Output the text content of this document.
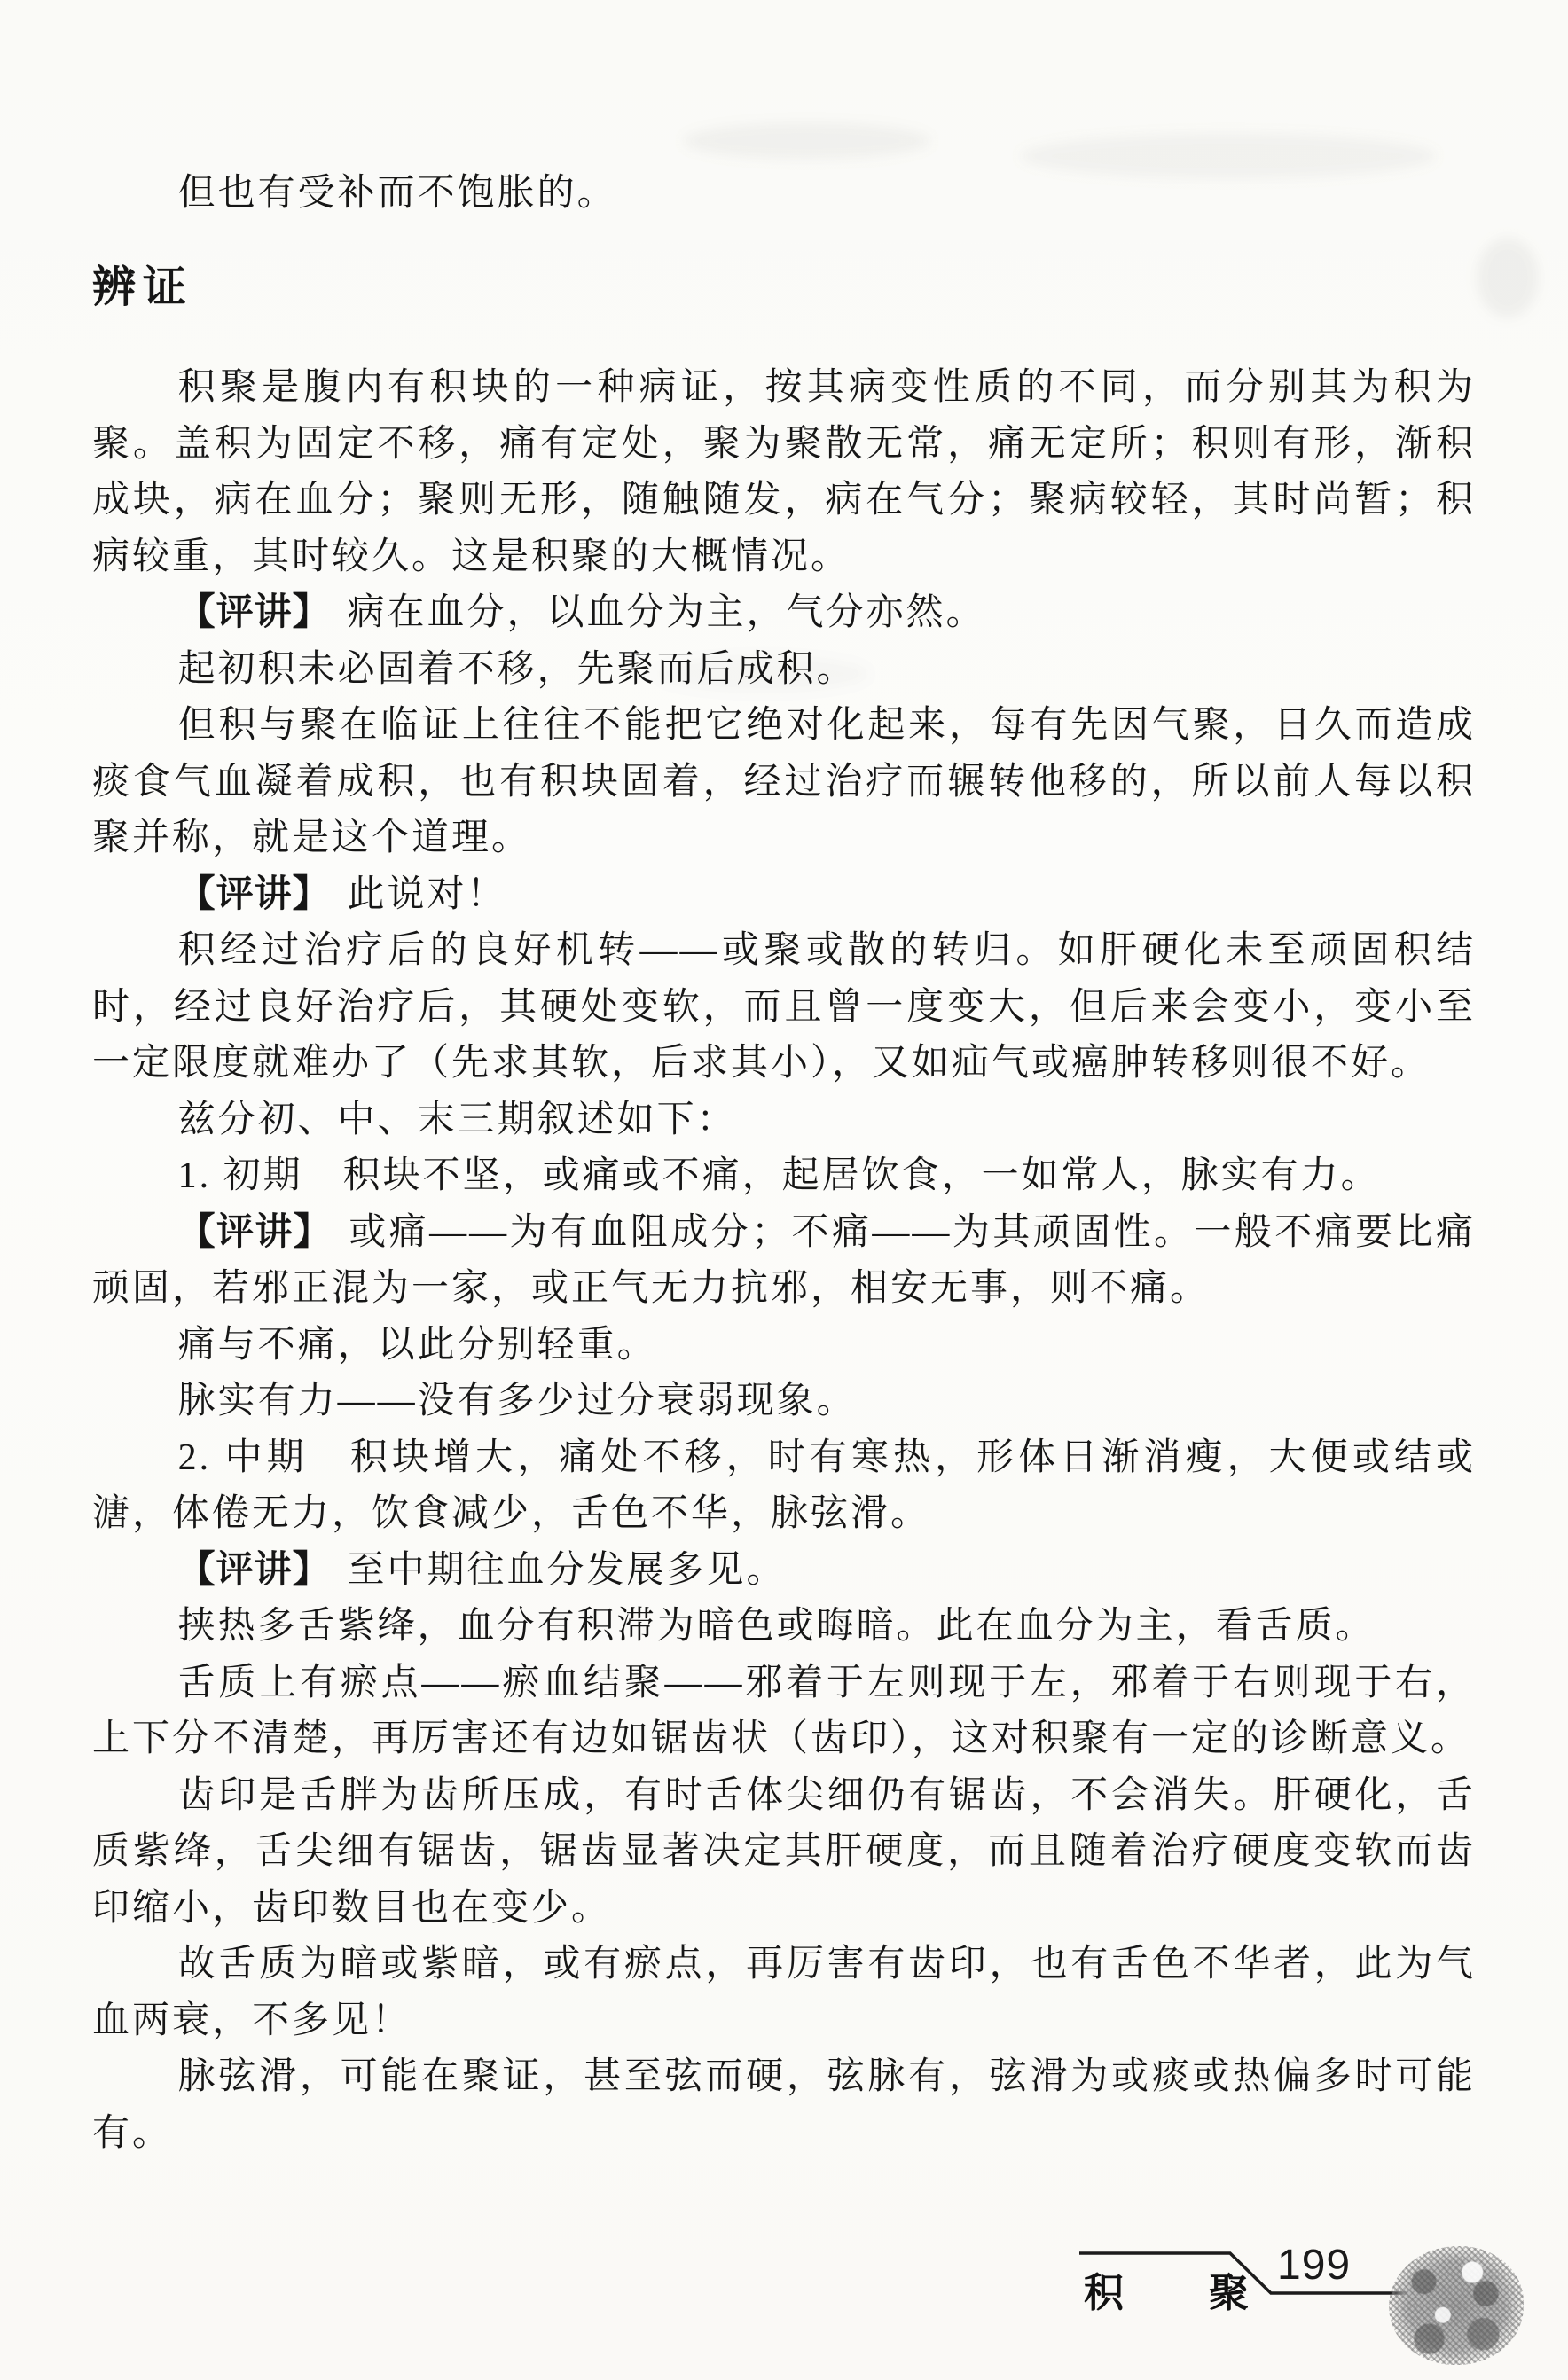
但也有受补而不饱胀的。

辨证

积聚是腹内有积块的一种病证，按其病变性质的不同，而分别其为积为聚。盖积为固定不移，痛有定处，聚为聚散无常，痛无定所；积则有形，渐积成块，病在血分；聚则无形，随触随发，病在气分；聚病较轻，其时尚暂；积病较重，其时较久。这是积聚的大概情况。

【评讲】 病在血分，以血分为主，气分亦然。

起初积未必固着不移，先聚而后成积。

但积与聚在临证上往往不能把它绝对化起来，每有先因气聚，日久而造成痰食气血凝着成积，也有积块固着，经过治疗而辗转他移的，所以前人每以积聚并称，就是这个道理。

【评讲】 此说对！

积经过治疗后的良好机转——或聚或散的转归。如肝硬化未至顽固积结时，经过良好治疗后，其硬处变软，而且曾一度变大，但后来会变小，变小至一定限度就难办了（先求其软，后求其小），又如疝气或癌肿转移则很不好。

兹分初、中、末三期叙述如下：

1. 初期　积块不坚，或痛或不痛，起居饮食，一如常人，脉实有力。

【评讲】 或痛——为有血阻成分；不痛——为其顽固性。一般不痛要比痛顽固，若邪正混为一家，或正气无力抗邪，相安无事，则不痛。

痛与不痛，以此分别轻重。

脉实有力——没有多少过分衰弱现象。

2. 中期　积块增大，痛处不移，时有寒热，形体日渐消瘦，大便或结或溏，体倦无力，饮食减少，舌色不华，脉弦滑。

【评讲】 至中期往血分发展多见。

挟热多舌紫绛，血分有积滞为暗色或晦暗。此在血分为主，看舌质。

舌质上有瘀点——瘀血结聚——邪着于左则现于左，邪着于右则现于右，上下分不清楚，再厉害还有边如锯齿状（齿印），这对积聚有一定的诊断意义。

齿印是舌胖为齿所压成，有时舌体尖细仍有锯齿，不会消失。肝硬化，舌质紫绛，舌尖细有锯齿，锯齿显著决定其肝硬度，而且随着治疗硬度变软而齿印缩小，齿印数目也在变少。

故舌质为暗或紫暗，或有瘀点，再厉害有齿印，也有舌色不华者，此为气血两衰，不多见！

脉弦滑，可能在聚证，甚至弦而硬，弦脉有，弦滑为或痰或热偏多时可能有。

积　　聚
199
